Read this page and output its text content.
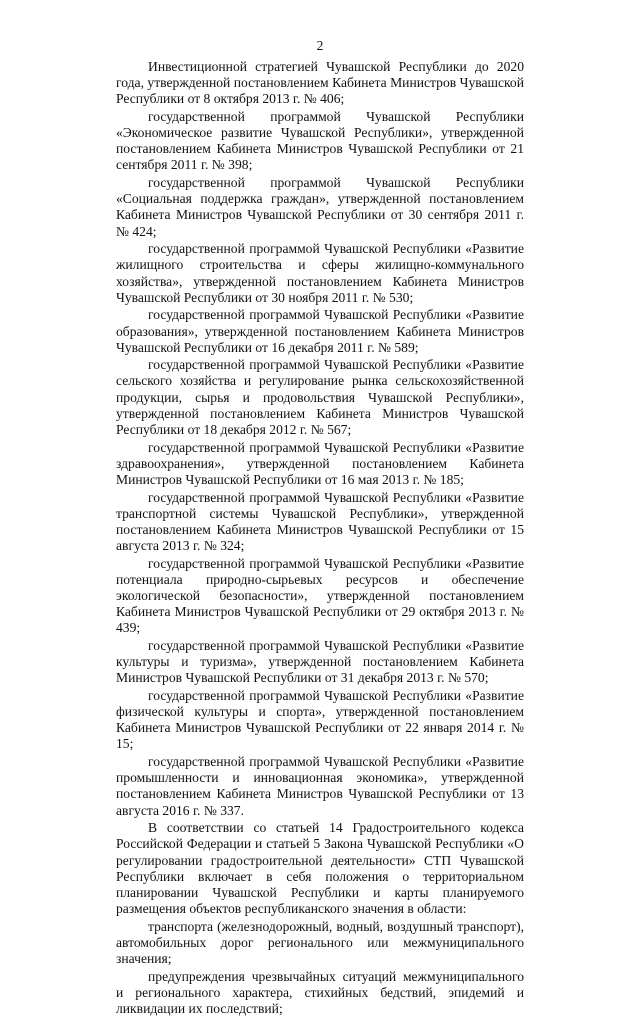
2

Инвестиционной стратегией Чувашской Республики до 2020 года, утвержденной постановлением Кабинета Министров Чувашской Республики от 8 октября 2013 г. № 406;

государственной программой Чувашской Республики «Экономическое развитие Чувашской Республики», утвержденной постановлением Кабинета Министров Чувашской Республики от 21 сентября 2011 г. № 398;

государственной программой Чувашской Республики «Социальная поддержка граждан», утвержденной постановлением Кабинета Министров Чувашской Республики от 30 сентября 2011 г. № 424;

государственной программой Чувашской Республики «Развитие жилищного строительства и сферы жилищно-коммунального хозяйства», утвержденной постановлением Кабинета Министров Чувашской Республики от 30 ноября 2011 г. № 530;

государственной программой Чувашской Республики «Развитие образования», утвержденной постановлением Кабинета Министров Чувашской Республики от 16 декабря 2011 г. № 589;

государственной программой Чувашской Республики «Развитие сельского хозяйства и регулирование рынка сельскохозяйственной продукции, сырья и продовольствия Чувашской Республики», утвержденной постановлением Кабинета Министров Чувашской Республики от 18 декабря 2012 г. № 567;

государственной программой Чувашской Республики «Развитие здравоохранения», утвержденной постановлением Кабинета Министров Чувашской Республики от 16 мая 2013 г. № 185;

государственной программой Чувашской Республики «Развитие транспортной системы Чувашской Республики», утвержденной постановлением Кабинета Министров Чувашской Республики от 15 августа 2013 г. № 324;

государственной программой Чувашской Республики «Развитие потенциала природно-сырьевых ресурсов и обеспечение экологической безопасности», утвержденной постановлением Кабинета Министров Чувашской Республики от 29 октября 2013 г. № 439;

государственной программой Чувашской Республики «Развитие культуры и туризма», утвержденной постановлением Кабинета Министров Чувашской Республики от 31 декабря 2013 г. № 570;

государственной программой Чувашской Республики «Развитие физической культуры и спорта», утвержденной постановлением Кабинета Министров Чувашской Республики от 22 января 2014 г. № 15;

государственной программой Чувашской Республики «Развитие промышленности и инновационная экономика», утвержденной постановлением Кабинета Министров Чувашской Республики от 13 августа 2016 г. № 337.

В соответствии со статьей 14 Градостроительного кодекса Российской Федерации и статьей 5 Закона Чувашской Республики «О регулировании градостроительной деятельности» СТП Чувашской Республики включает в себя положения о территориальном планировании Чувашской Республики и карты планируемого размещения объектов республиканского значения в области:

транспорта (железнодорожный, водный, воздушный транспорт), автомобильных дорог регионального или межмуниципального значения;

предупреждения чрезвычайных ситуаций межмуниципального и регионального характера, стихийных бедствий, эпидемий и ликвидации их последствий;
